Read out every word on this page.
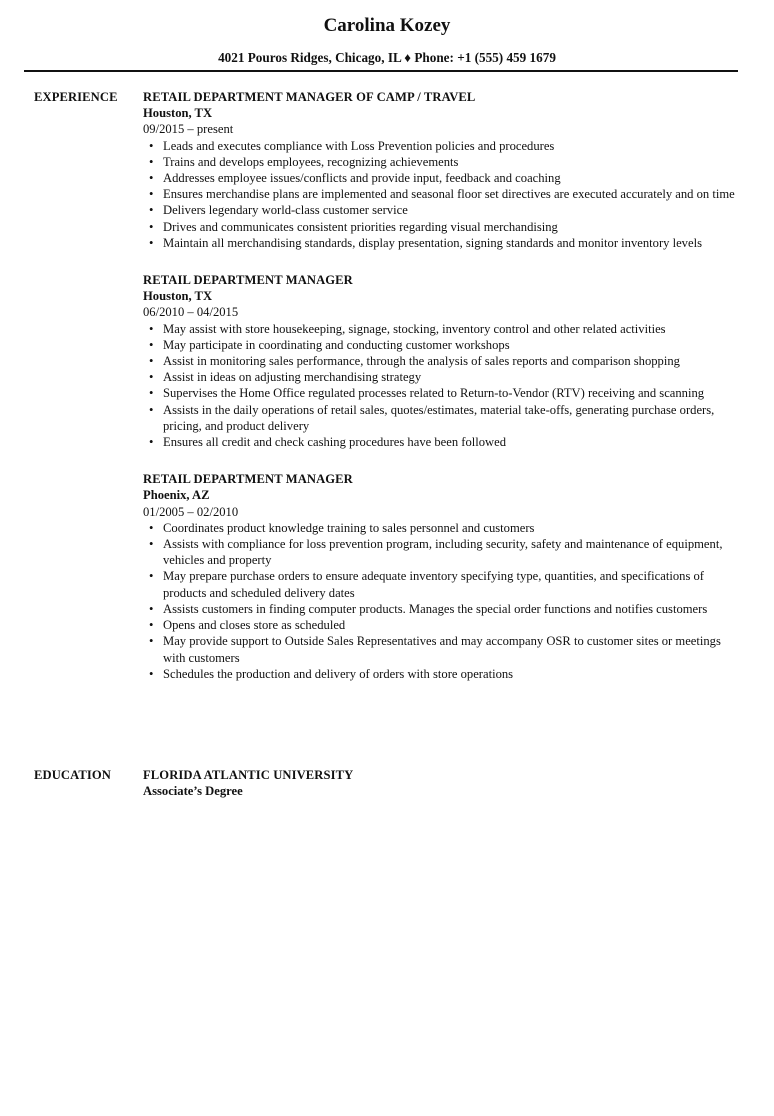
Carolina Kozey
4021 Pouros Ridges, Chicago, IL ♦ Phone: +1 (555) 459 1679
EXPERIENCE RETAIL DEPARTMENT MANAGER OF CAMP / TRAVEL
Houston, TX
09/2015 – present
• Leads and executes compliance with Loss Prevention policies and procedures
• Trains and develops employees, recognizing achievements
• Addresses employee issues/conflicts and provide input, feedback and coaching
• Ensures merchandise plans are implemented and seasonal floor set directives are executed accurately and on time
• Delivers legendary world-class customer service
• Drives and communicates consistent priorities regarding visual merchandising
• Maintain all merchandising standards, display presentation, signing standards and monitor inventory levels
RETAIL DEPARTMENT MANAGER
Houston, TX
06/2010 – 04/2015
• May assist with store housekeeping, signage, stocking, inventory control and other related activities
• May participate in coordinating and conducting customer workshops
• Assist in monitoring sales performance, through the analysis of sales reports and comparison shopping
• Assist in ideas on adjusting merchandising strategy
• Supervises the Home Office regulated processes related to Return-to-Vendor (RTV) receiving and scanning
• Assists in the daily operations of retail sales, quotes/estimates, material take-offs, generating purchase orders, pricing, and product delivery
• Ensures all credit and check cashing procedures have been followed
RETAIL DEPARTMENT MANAGER
Phoenix, AZ
01/2005 – 02/2010
• Coordinates product knowledge training to sales personnel and customers
• Assists with compliance for loss prevention program, including security, safety and maintenance of equipment, vehicles and property
• May prepare purchase orders to ensure adequate inventory specifying type, quantities, and specifications of products and scheduled delivery dates
• Assists customers in finding computer products. Manages the special order functions and notifies customers
• Opens and closes store as scheduled
• May provide support to Outside Sales Representatives and may accompany OSR to customer sites or meetings with customers
• Schedules the production and delivery of orders with store operations
EDUCATION	FLORIDA ATLANTIC UNIVERSITY
Associate’s Degree
